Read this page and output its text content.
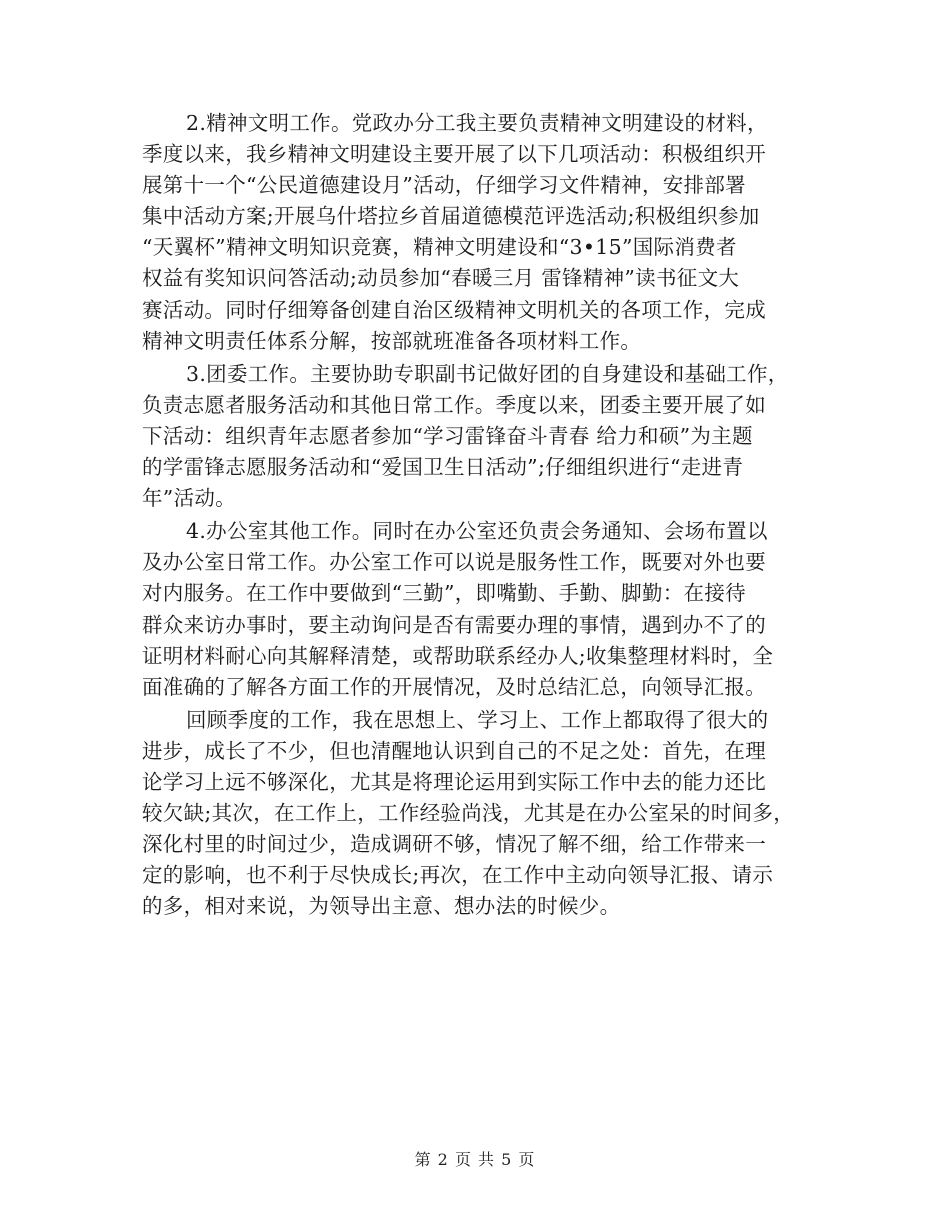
2.精神文明工作。党政办分工我主要负责精神文明建设的材料，
季度以来，我乡精神文明建设主要开展了以下几项活动：积极组织开
展第十一个“公民道德建设月”活动，仔细学习文件精神，安排部署
集中活动方案;开展乌什塔拉乡首届道德模范评选活动;积极组织参加
“天翼杯”精神文明知识竞赛，精神文明建设和“3•15”国际消费者
权益有奖知识问答活动;动员参加“春暖三月 雷锋精神”读书征文大
赛活动。同时仔细筹备创建自治区级精神文明机关的各项工作，完成
精神文明责任体系分解，按部就班准备各项材料工作。
3.团委工作。主要协助专职副书记做好团的自身建设和基础工作，
负责志愿者服务活动和其他日常工作。季度以来，团委主要开展了如
下活动：组织青年志愿者参加“学习雷锋奋斗青春 给力和硕”为主题
的学雷锋志愿服务活动和“爱国卫生日活动”;仔细组织进行“走进青
年”活动。
4.办公室其他工作。同时在办公室还负责会务通知、会场布置以
及办公室日常工作。办公室工作可以说是服务性工作，既要对外也要
对内服务。在工作中要做到“三勤”，即嘴勤、手勤、脚勤：在接待
群众来访办事时，要主动询问是否有需要办理的事情，遇到办不了的
证明材料耐心向其解释清楚，或帮助联系经办人;收集整理材料时，全
面准确的了解各方面工作的开展情况，及时总结汇总，向领导汇报。
回顾季度的工作，我在思想上、学习上、工作上都取得了很大的
进步，成长了不少，但也清醒地认识到自己的不足之处：首先，在理
论学习上远不够深化，尤其是将理论运用到实际工作中去的能力还比
较欠缺;其次，在工作上，工作经验尚浅，尤其是在办公室呆的时间多，
深化村里的时间过少，造成调研不够，情况了解不细，给工作带来一
定的影响，也不利于尽快成长;再次，在工作中主动向领导汇报、请示
的多，相对来说，为领导出主意、想办法的时候少。
第 2 页 共 5 页
